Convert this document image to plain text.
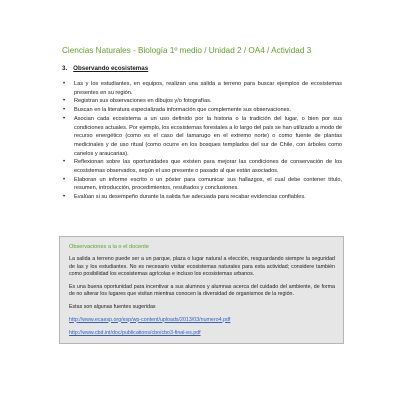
Ciencias Naturales - Biología 1º medio / Unidad 2 / OA4 / Actividad 3
3. Observando ecosistemas
• Las y los estudiantes, en equipos, realizan una salida a terreno para buscar ejemplos de ecosistemas presentes en su región.
• Registran sus observaciones en dibujos y/o fotografías.
• Buscan en la literatura especializada información que complemente sus observaciones.
• Asocian cada ecosistema a un uso definido por la historia o la tradición del lugar, o bien por sus condiciones actuales. Por ejemplo, los ecosistemas forestales a lo largo del país se han utilizado a modo de recurso energético (como es el caso del tamarugo en el extremo norte) o como fuente de plantas medicinales y de uso ritual (como ocurre en los bosques templados del sur de Chile, con árboles como canelos y araucarias).
• Reflexionan sobre las oportunidades que existen para mejorar las condiciones de conservación de los ecosistemas observados, según el uso presente o pasado al que están asociados.
• Elaboran un informe escrito o un póster para comunicar sus hallazgos, el cual debe contener título, resumen, introducción, procedimientos, resultados y conclusiones.
• Evalúan si su desempeño durante la salida fue adecuada para recabar evidencias confiables.
Observaciones a la o el docente

La salida a terreno puede ser a un parque, plaza o lugar natural a elección, resguardando siempre la seguridad de las y los estudiantes. No es necesario visitar ecosistemas naturales para esta actividad; considere también como posibilidad los ecosistemas agrícolas e incluso los ecosistemas urbanos.

Es una buena oportunidad para incentivar a sus alumnos y alumnas acerca del cuidado del ambiente, de forma de no alterar los lugares que visitan mientras conocen la diversidad de organismos de la región.

Estas son algunas fuentes sugeridas

http://www.ecaesp.org/esp/wp-content/uploads/2013/03/numero4.pdf
http://www.cbd.int/doc/publications/cbo/cbo3-final-es.pdf
